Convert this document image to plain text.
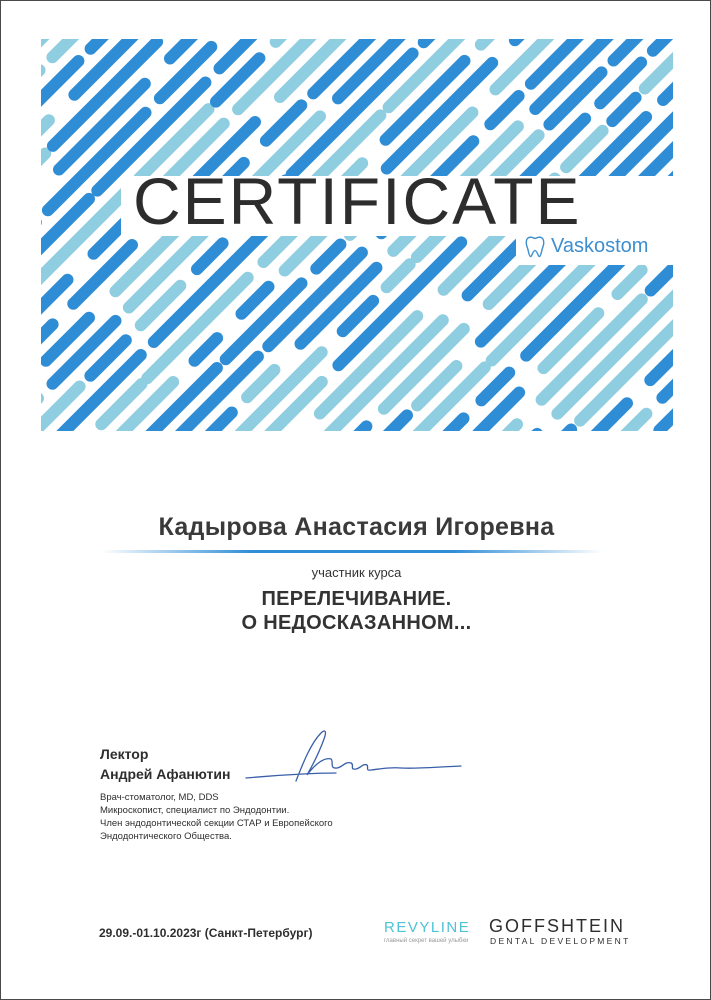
CERTIFICATE
Vaskostom
Кадырова Анастасия Игоревна
участник курса
ПЕРЕЛЕЧИВАНИЕ.
О НЕДОСКАЗАННОМ...
Лектор
Андрей Афанютин
Врач-стоматолог, MD, DDS
Микроскопист, специалист по Эндодонтии.
Член эндодонтической секции СТАР и Европейского
Эндодонтического Общества.
29.09.-01.10.2023г (Санкт-Петербург)	REVYLINE
главный секрет вашей улыбки
GOFFSHTEIN
DENTAL DEVELOPMENT
